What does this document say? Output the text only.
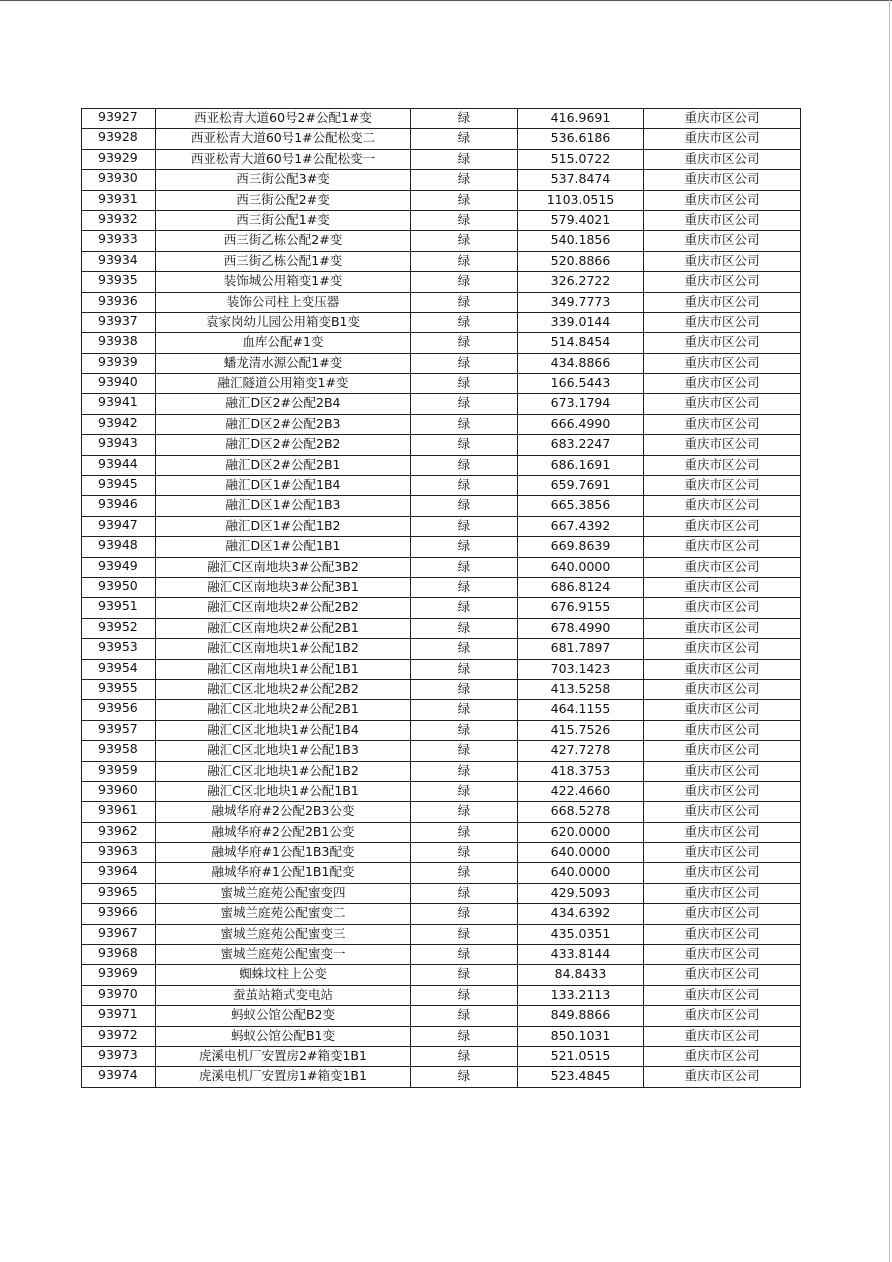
93927	西亚松青大道60号2#公配1#变	绿	416.9691	重庆市区公司
93928	西亚松青大道60号1#公配松变二	绿	536.6186	重庆市区公司
93929	西亚松青大道60号1#公配松变一	绿	515.0722	重庆市区公司
93930	西三街公配3#变	绿	537.8474	重庆市区公司
93931	西三街公配2#变	绿	1103.0515	重庆市区公司
93932	西三街公配1#变	绿	579.4021	重庆市区公司
93933	西三街乙栋公配2#变	绿	540.1856	重庆市区公司
93934	西三街乙栋公配1#变	绿	520.8866	重庆市区公司
93935	装饰城公用箱变1#变	绿	326.2722	重庆市区公司
93936	装饰公司柱上变压器	绿	349.7773	重庆市区公司
93937	袁家岗幼儿园公用箱变B1变	绿	339.0144	重庆市区公司
93938	血库公配#1变	绿	514.8454	重庆市区公司
93939	蟠龙清水源公配1#变	绿	434.8866	重庆市区公司
93940	融汇隧道公用箱变1#变	绿	166.5443	重庆市区公司
93941	融汇D区2#公配2B4	绿	673.1794	重庆市区公司
93942	融汇D区2#公配2B3	绿	666.4990	重庆市区公司
93943	融汇D区2#公配2B2	绿	683.2247	重庆市区公司
93944	融汇D区2#公配2B1	绿	686.1691	重庆市区公司
93945	融汇D区1#公配1B4	绿	659.7691	重庆市区公司
93946	融汇D区1#公配1B3	绿	665.3856	重庆市区公司
93947	融汇D区1#公配1B2	绿	667.4392	重庆市区公司
93948	融汇D区1#公配1B1	绿	669.8639	重庆市区公司
93949	融汇C区南地块3#公配3B2	绿	640.0000	重庆市区公司
93950	融汇C区南地块3#公配3B1	绿	686.8124	重庆市区公司
93951	融汇C区南地块2#公配2B2	绿	676.9155	重庆市区公司
93952	融汇C区南地块2#公配2B1	绿	678.4990	重庆市区公司
93953	融汇C区南地块1#公配1B2	绿	681.7897	重庆市区公司
93954	融汇C区南地块1#公配1B1	绿	703.1423	重庆市区公司
93955	融汇C区北地块2#公配2B2	绿	413.5258	重庆市区公司
93956	融汇C区北地块2#公配2B1	绿	464.1155	重庆市区公司
93957	融汇C区北地块1#公配1B4	绿	415.7526	重庆市区公司
93958	融汇C区北地块1#公配1B3	绿	427.7278	重庆市区公司
93959	融汇C区北地块1#公配1B2	绿	418.3753	重庆市区公司
93960	融汇C区北地块1#公配1B1	绿	422.4660	重庆市区公司
93961	融城华府#2公配2B3公变	绿	668.5278	重庆市区公司
93962	融城华府#2公配2B1公变	绿	620.0000	重庆市区公司
93963	融城华府#1公配1B3配变	绿	640.0000	重庆市区公司
93964	融城华府#1公配1B1配变	绿	640.0000	重庆市区公司
93965	蜜城兰庭苑公配蜜变四	绿	429.5093	重庆市区公司
93966	蜜城兰庭苑公配蜜变二	绿	434.6392	重庆市区公司
93967	蜜城兰庭苑公配蜜变三	绿	435.0351	重庆市区公司
93968	蜜城兰庭苑公配蜜变一	绿	433.8144	重庆市区公司
93969	蜘蛛坟柱上公变	绿	84.8433	重庆市区公司
93970	蚕茧站箱式变电站	绿	133.2113	重庆市区公司
93971	蚂蚁公馆公配B2变	绿	849.8866	重庆市区公司
93972	蚂蚁公馆公配B1变	绿	850.1031	重庆市区公司
93973	虎溪电机厂安置房2#箱变1B1	绿	521.0515	重庆市区公司
93974	虎溪电机厂安置房1#箱变1B1	绿	523.4845	重庆市区公司
